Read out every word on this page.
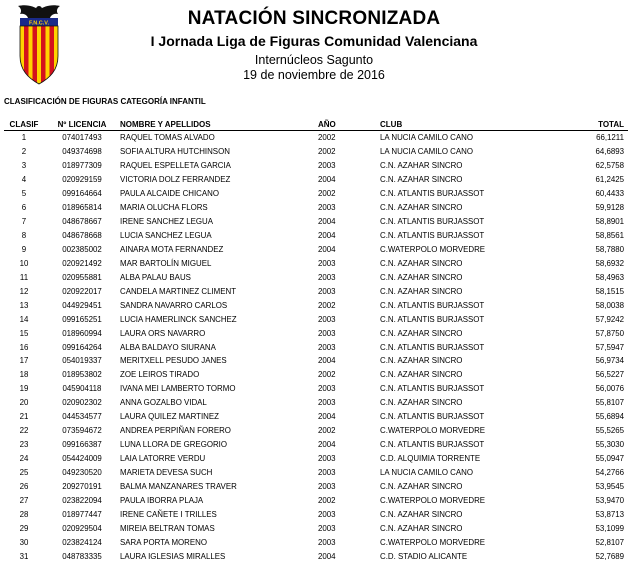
F.N.C.V.	NATACIÓN SINCRONIZADA
I Jornada Liga de Figuras Comunidad Valenciana
Internúcleos Sagunto
19 de noviembre de 2016
CLASIFICACIÓN DE FIGURAS CATEGORÍA INFANTIL
CLASIF	Nº LICENCIA	NOMBRE Y APELLIDOS	AÑO	CLUB	TOTAL
1	074017493	RAQUEL TOMAS ALVADO	2002	LA NUCIA CAMILO CANO	66,1211
2	049374698	SOFIA ALTURA HUTCHINSON	2002	LA NUCIA CAMILO CANO	64,6893
3	018977309	RAQUEL ESPELLETA GARCIA	2003	C.N. AZAHAR SINCRO	62,5758
4	020929159	VICTORIA DOLZ FERRANDEZ	2004	C.N. AZAHAR SINCRO	61,2425
5	099164664	PAULA ALCAIDE CHICANO	2002	C.N. ATLANTIS BURJASSOT	60,4433
6	018965814	MARIA OLUCHA FLORS	2003	C.N. AZAHAR SINCRO	59,9128
7	048678667	IRENE SANCHEZ LEGUA	2004	C.N. ATLANTIS BURJASSOT	58,8901
8	048678668	LUCIA SANCHEZ LEGUA	2004	C.N. ATLANTIS BURJASSOT	58,8561
9	002385002	AINARA MOTA FERNANDEZ	2004	C.WATERPOLO MORVEDRE	58,7880
10	020921492	MAR BARTOLÍN MIGUEL	2003	C.N. AZAHAR SINCRO	58,6932
11	020955881	ALBA PALAU BAUS	2003	C.N. AZAHAR SINCRO	58,4963
12	020922017	CANDELA MARTINEZ CLIMENT	2003	C.N. AZAHAR SINCRO	58,1515
13	044929451	SANDRA NAVARRO CARLOS	2002	C.N. ATLANTIS BURJASSOT	58,0038
14	099165251	LUCIA HAMERLINCK SANCHEZ	2003	C.N. ATLANTIS BURJASSOT	57,9242
15	018960994	LAURA ORS NAVARRO	2003	C.N. AZAHAR SINCRO	57,8750
16	099164264	ALBA BALDAYO SIURANA	2003	C.N. ATLANTIS BURJASSOT	57,5947
17	054019337	MERITXELL PESUDO JANES	2004	C.N. AZAHAR SINCRO	56,9734
18	018953802	ZOE LEIROS TIRADO	2002	C.N. AZAHAR SINCRO	56,5227
19	045904118	IVANA MEI LAMBERTO TORMO	2003	C.N. ATLANTIS BURJASSOT	56,0076
20	020902302	ANNA GOZALBO VIDAL	2003	C.N. AZAHAR SINCRO	55,8107
21	044534577	LAURA QUILEZ MARTINEZ	2004	C.N. ATLANTIS BURJASSOT	55,6894
22	073594672	ANDREA PERPIÑAN FORERO	2002	C.WATERPOLO MORVEDRE	55,5265
23	099166387	LUNA LLORA DE GREGORIO	2004	C.N. ATLANTIS BURJASSOT	55,3030
24	054424009	LAIA LATORRE VERDU	2003	C.D. ALQUIMIA TORRENTE	55,0947
25	049230520	MARIETA DEVESA SUCH	2003	LA NUCIA CAMILO CANO	54,2766
26	209270191	BALMA MANZANARES TRAVER	2003	C.N. AZAHAR SINCRO	53,9545
27	023822094	PAULA IBORRA PLAJA	2002	C.WATERPOLO MORVEDRE	53,9470
28	018977447	IRENE CAÑETE I TRILLES	2003	C.N. AZAHAR SINCRO	53,8713
29	020929504	MIREIA BELTRAN TOMAS	2003	C.N. AZAHAR SINCRO	53,1099
30	023824124	SARA PORTA MORENO	2003	C.WATERPOLO MORVEDRE	52,8107
31	048783335	LAURA IGLESIAS MIRALLES	2004	C.D. STADIO ALICANTE	52,7689
